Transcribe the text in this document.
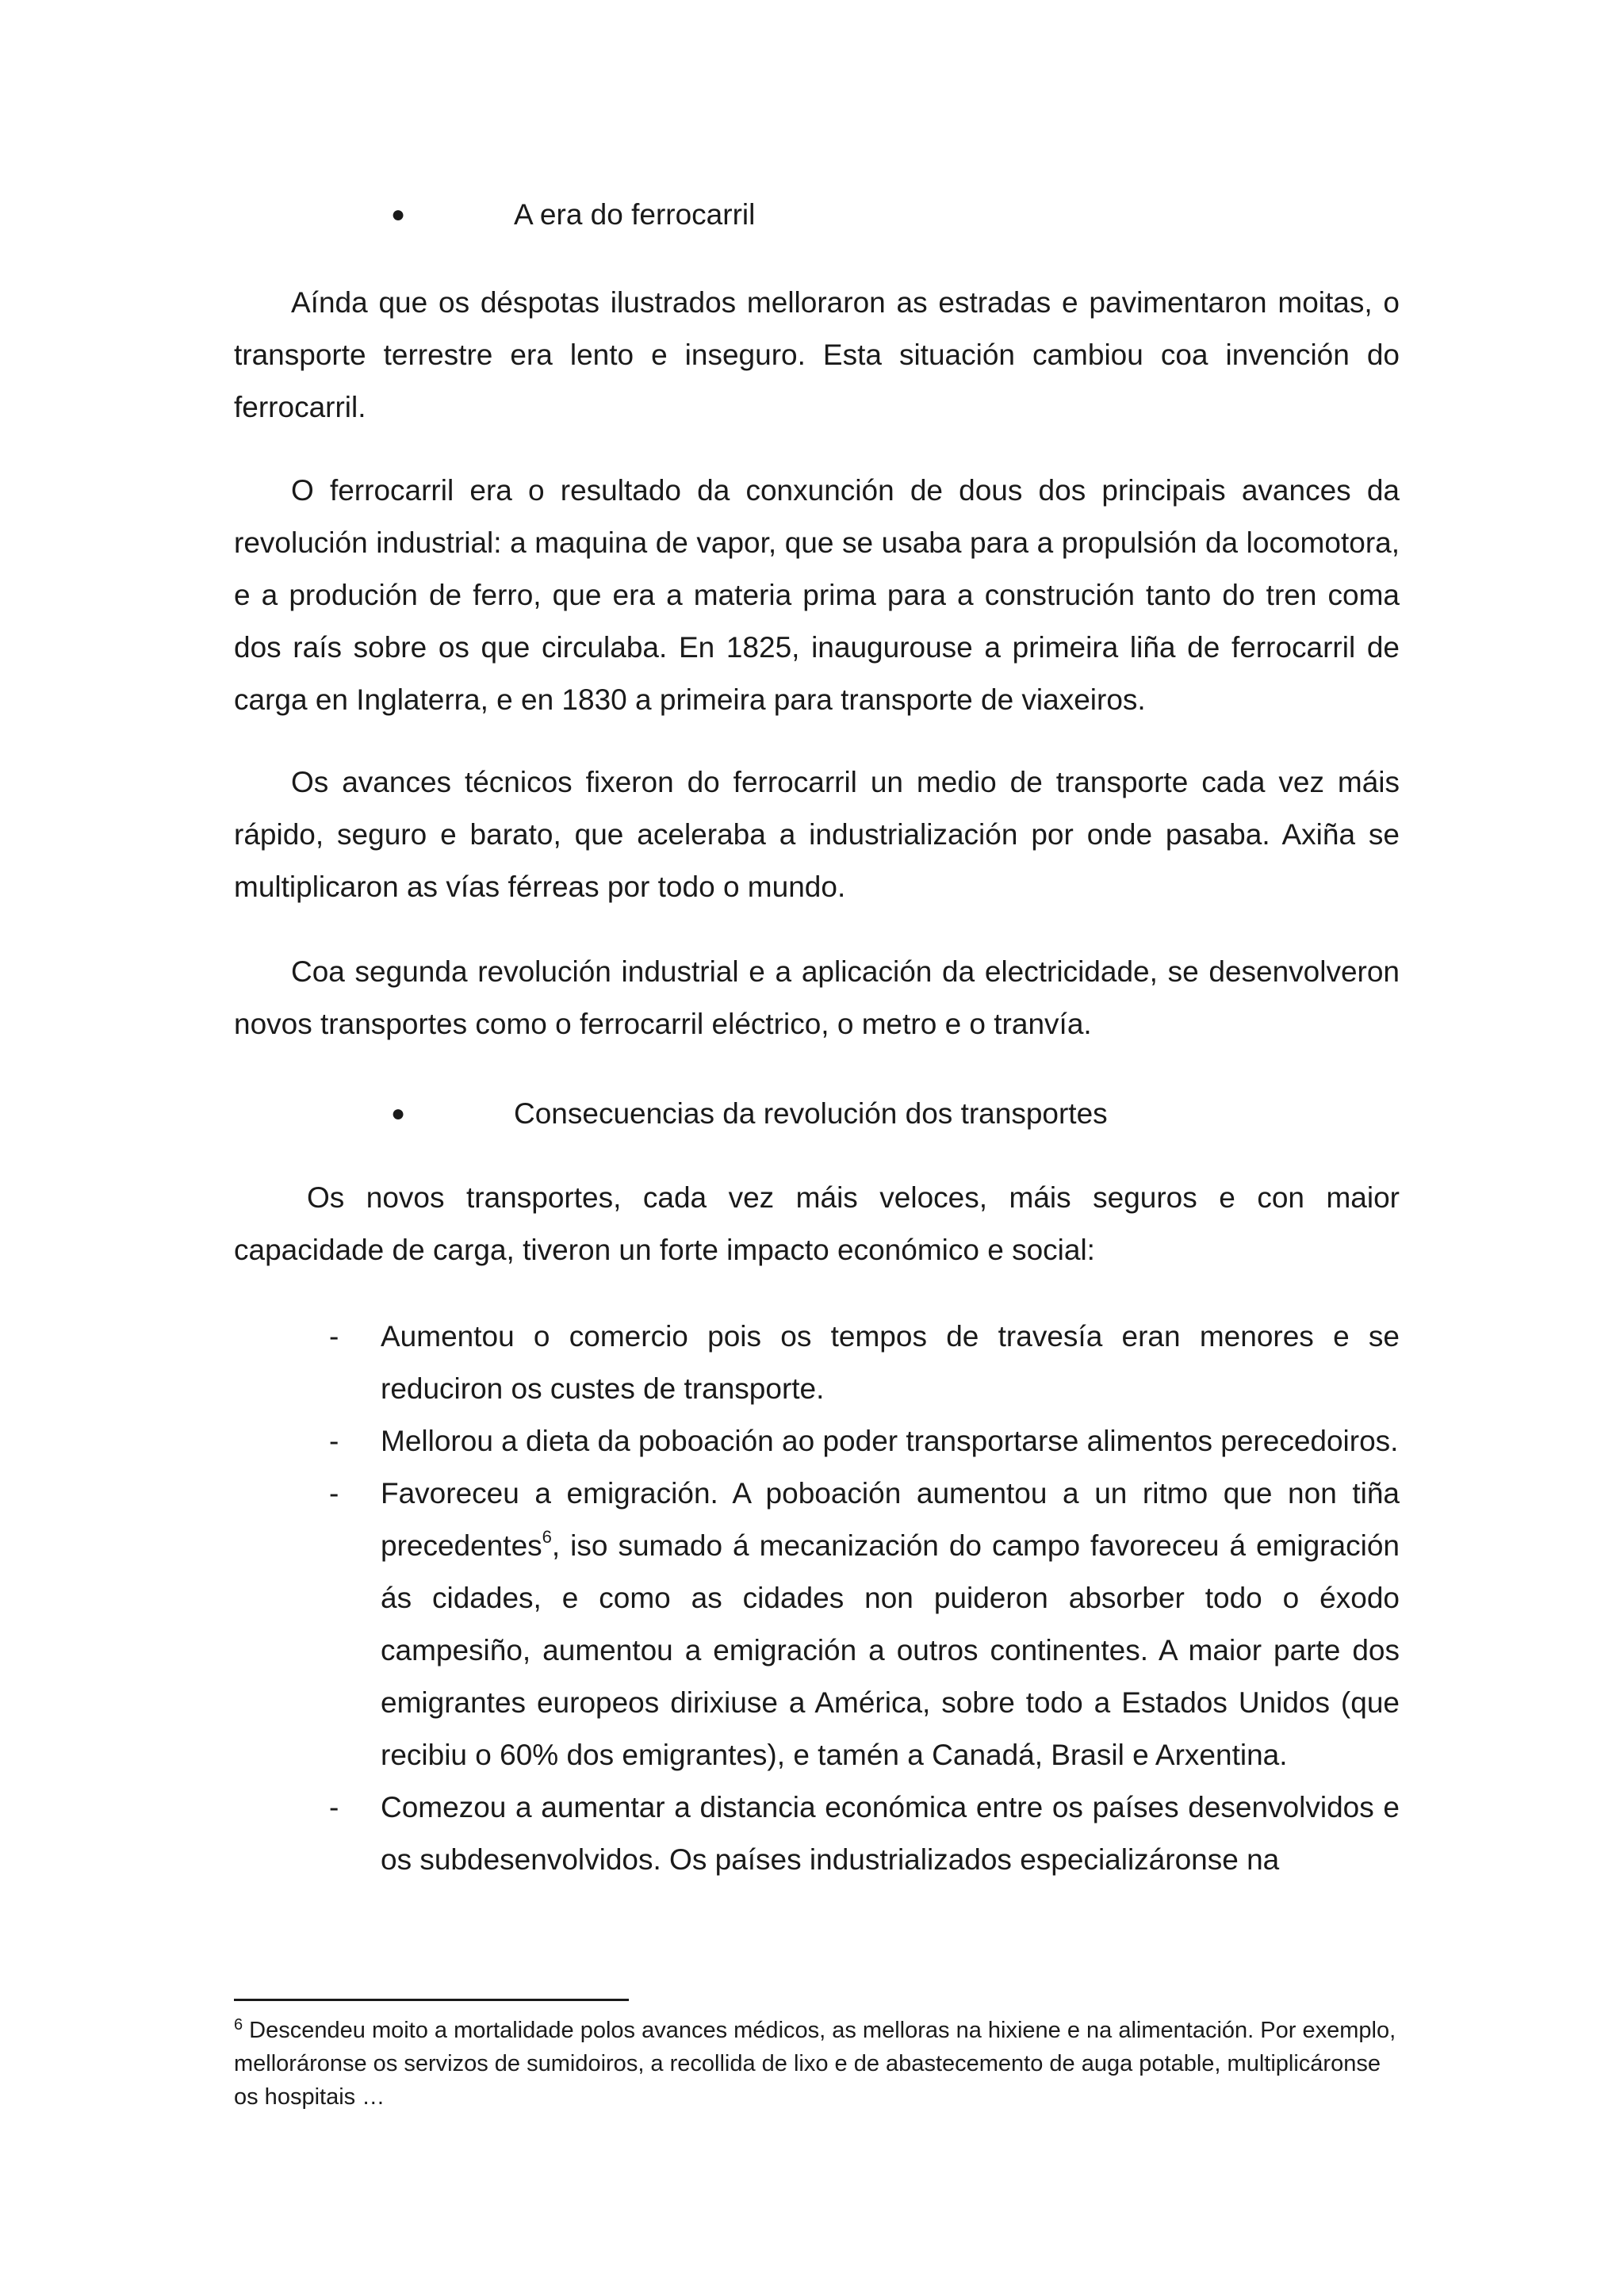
●	A era do ferrocarril

Aínda que os déspotas ilustrados melloraron as estradas e pavimentaron moitas, o transporte terrestre era lento e inseguro. Esta situación cambiou coa invención do ferrocarril.

O ferrocarril era o resultado da conxunción de dous dos principais avances da revolución industrial: a maquina de vapor, que se usaba para a propulsión da locomotora, e a produción de ferro, que era a materia prima para a construción tanto do tren coma dos raís sobre os que circulaba. En 1825, inaugurouse a primeira liña de ferrocarril de carga en Inglaterra, e en 1830 a primeira para transporte de viaxeiros.

Os avances técnicos fixeron do ferrocarril un medio de transporte cada vez máis rápido, seguro e barato, que aceleraba a industrialización por onde pasaba. Axiña se multiplicaron as vías férreas por todo o mundo.

Coa segunda revolución industrial e a aplicación da electricidade, se desenvolveron novos transportes como o ferrocarril eléctrico, o metro e o tranvía.

●	Consecuencias da revolución dos transportes

Os novos transportes, cada vez máis veloces, máis seguros e con maior capacidade de carga, tiveron un forte impacto económico e social:

- Aumentou o comercio pois os tempos de travesía eran menores e se reduciron os custes de transporte.
- Mellorou a dieta da poboación ao poder transportarse alimentos perecedoiros.
- Favoreceu a emigración. A poboación aumentou a un ritmo que non tiña precedentes$^6$, iso sumado á mecanización do campo favoreceu á emigración ás cidades, e como as cidades non puideron absorber todo o éxodo campesiño, aumentou a emigración a outros continentes. A maior parte dos emigrantes europeos dirixiuse a América, sobre todo a Estados Unidos (que recibiu o 60% dos emigrantes), e tamén a Canadá, Brasil e Arxentina.
- Comezou a aumentar a distancia económica entre os países desenvolvidos e os subdesenvolvidos. Os países industrializados especializáronse na
$^6$ Descendeu moito a mortalidade polos avances médicos, as melloras na hixiene e na alimentación. Por exemplo, melloráronse os servizos de sumidoiros, a recollida de lixo e de abastecemento de auga potable, multiplicáronse os hospitais …
